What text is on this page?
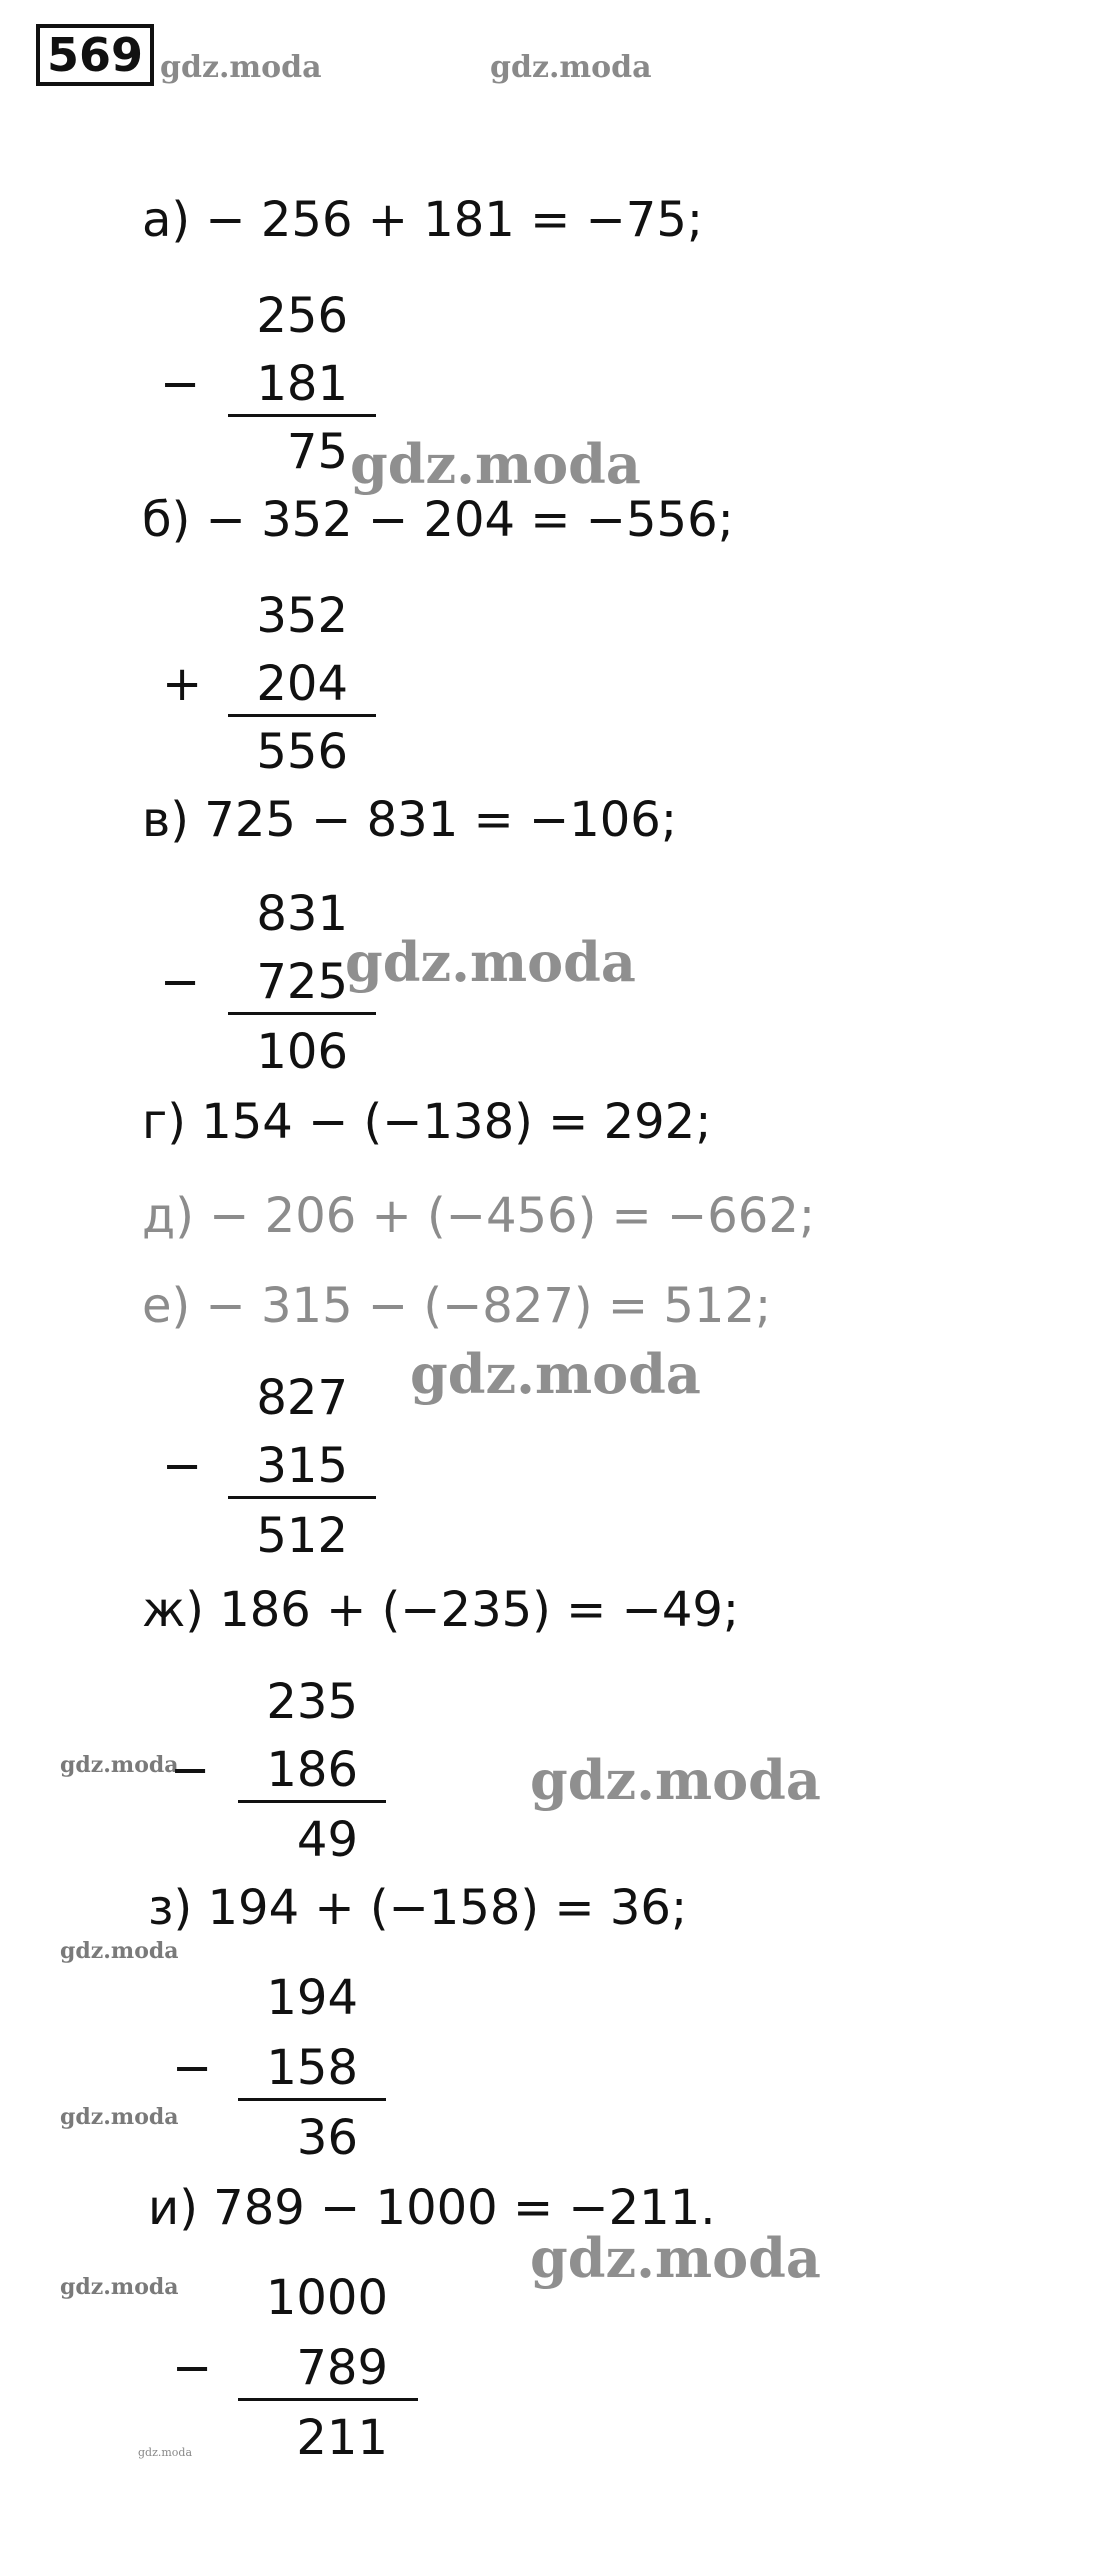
569 gdz.moda	gdz.moda
а) − 256 + 181 = −75;
256
−	181
75 gdz.moda
б) − 352 − 204 = −556;
352
+	204
556
в) 725 − 831 = −106;
831
−	725
106
gdz.moda
г) 154 − (−138) = 292;
д) − 206 + (−456) = −662;
е) − 315 − (−827) = 512;
827
−	315
512
gdz.moda
ж) 186 + (−235) = −49;
235
gdz.moda
−	186
49
gdz.moda
з) 194 + (−158) = 36;
gdz.moda
194
−	158
gdz.moda	36
и) 789 − 1000 = −211.
gdz.moda
gdz.moda	1000
−	789
211
gdz.moda
